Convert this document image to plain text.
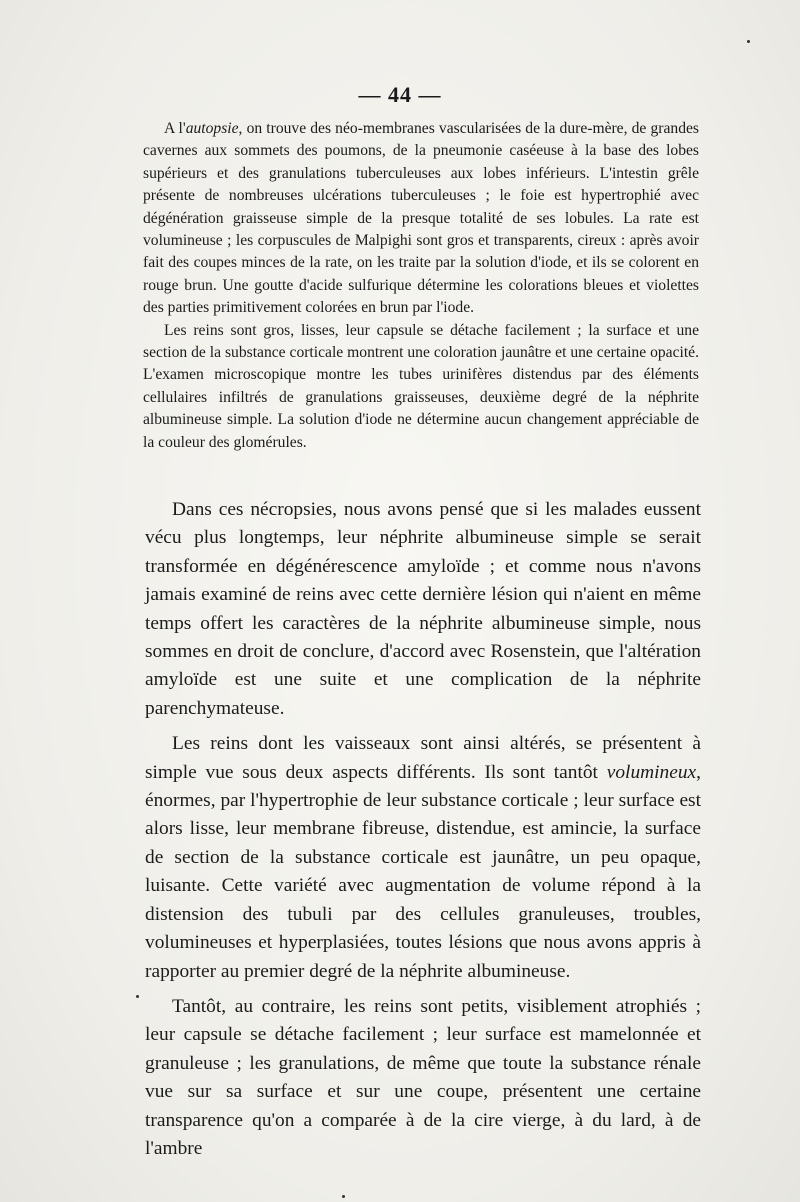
— 44 —

A l'autopsie, on trouve des néo-membranes vascularisées de la dure-mère, de grandes cavernes aux sommets des poumons, de la pneumonie caséeuse à la base des lobes supérieurs et des granulations tuberculeuses aux lobes inférieurs. L'intestin grêle présente de nombreuses ulcérations tuberculeuses ; le foie est hypertrophié avec dégénération graisseuse simple de la presque totalité de ses lobules. La rate est volumineuse ; les corpuscules de Malpighi sont gros et transparents, cireux : après avoir fait des coupes minces de la rate, on les traite par la solution d'iode, et ils se colorent en rouge brun. Une goutte d'acide sulfurique détermine les colorations bleues et violettes des parties primitivement colorées en brun par l'iode.

Les reins sont gros, lisses, leur capsule se détache facilement ; la surface et une section de la substance corticale montrent une coloration jaunâtre et une certaine opacité. L'examen microscopique montre les tubes urinifères distendus par des éléments cellulaires infiltrés de granulations graisseuses, deuxième degré de la néphrite albumineuse simple. La solution d'iode ne détermine aucun changement appréciable de la couleur des glomérules.

Dans ces nécropsies, nous avons pensé que si les malades eussent vécu plus longtemps, leur néphrite albumineuse simple se serait transformée en dégénérescence amyloïde ; et comme nous n'avons jamais examiné de reins avec cette dernière lésion qui n'aient en même temps offert les caractères de la néphrite albumineuse simple, nous sommes en droit de conclure, d'accord avec Rosenstein, que l'altération amyloïde est une suite et une complication de la néphrite parenchymateuse.

Les reins dont les vaisseaux sont ainsi altérés, se présentent à simple vue sous deux aspects différents. Ils sont tantôt volumineux, énormes, par l'hypertrophie de leur substance corticale ; leur surface est alors lisse, leur membrane fibreuse, distendue, est amincie, la surface de section de la substance corticale est jaunâtre, un peu opaque, luisante. Cette variété avec augmentation de volume répond à la distension des tubuli par des cellules granuleuses, troubles, volumineuses et hyperplasiées, toutes lésions que nous avons appris à rapporter au premier degré de la néphrite albumineuse.

Tantôt, au contraire, les reins sont petits, visiblement atrophiés ; leur capsule se détache facilement ; leur surface est mamelonnée et granuleuse ; les granulations, de même que toute la substance rénale vue sur sa surface et sur une coupe, présentent une certaine transparence qu'on a comparée à de la cire vierge, à du lard, à de l'ambre
